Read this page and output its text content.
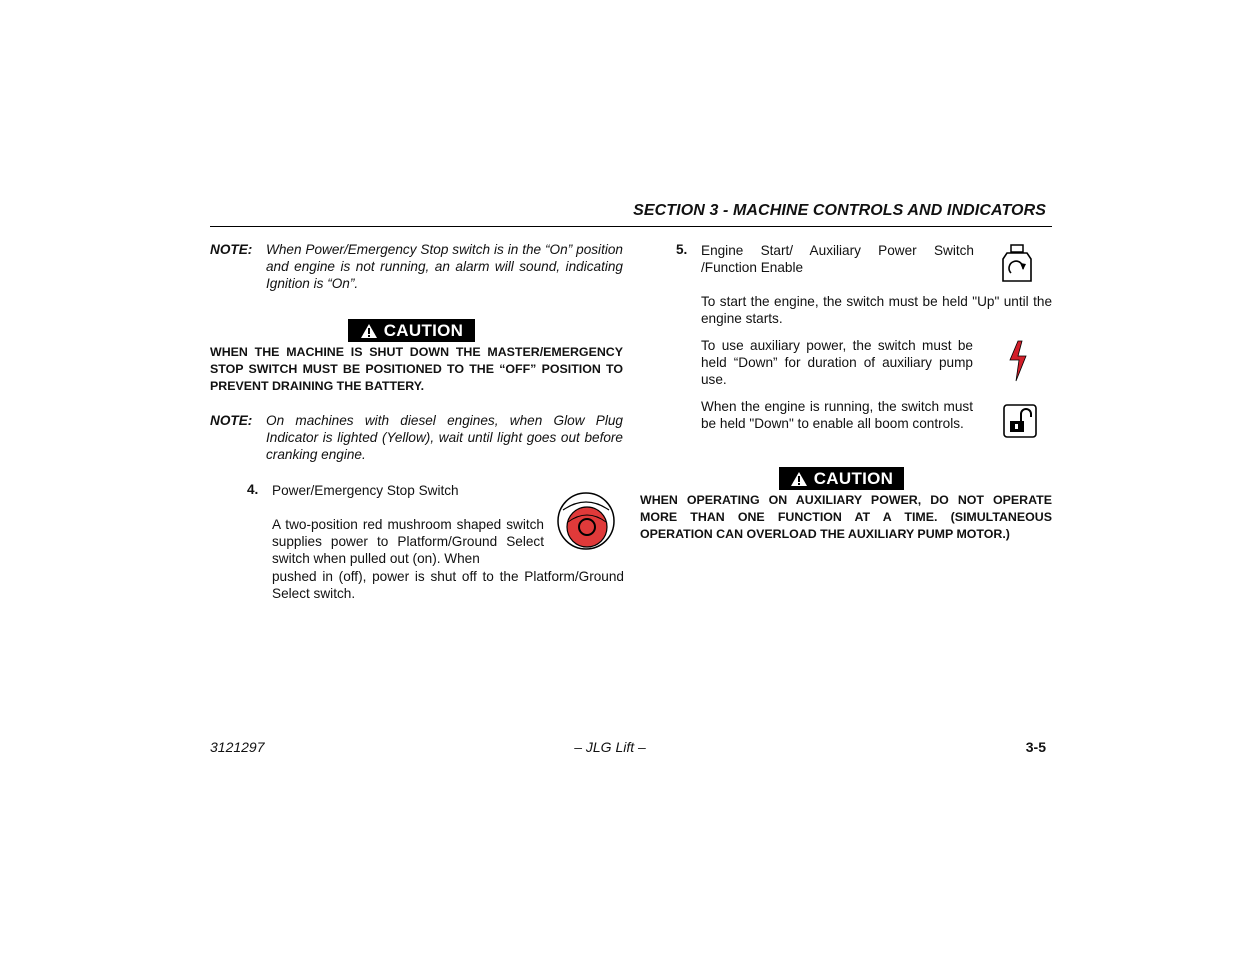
SECTION 3 - MACHINE CONTROLS AND INDICATORS
NOTE: When Power/Emergency Stop switch is in the “On” position and engine is not running, an alarm will sound, indicating Ignition is “On”.
CAUTION
WHEN THE MACHINE IS SHUT DOWN THE MASTER/EMERGENCY STOP SWITCH MUST BE POSITIONED TO THE “OFF” POSITION TO PREVENT DRAINING THE BATTERY.
NOTE: On machines with diesel engines, when Glow Plug Indicator is lighted (Yellow), wait until light goes out before cranking engine.
4. Power/Emergency Stop Switch
A two-position red mushroom shaped switch supplies power to Platform/Ground Select switch when pulled out (on). When
pushed in (off), power is shut off to the Platform/Ground Select switch.
5. Engine Start/ Auxiliary Power Switch /Function Enable
To start the engine, the switch must be held "Up" until the engine starts.
To use auxiliary power, the switch must be held “Down” for duration of auxiliary pump use.
When the engine is running, the switch must be held "Down" to enable all boom controls.
CAUTION
WHEN OPERATING ON AUXILIARY POWER, DO NOT OPERATE MORE THAN ONE FUNCTION AT A TIME. (SIMULTANEOUS OPERATION CAN OVERLOAD THE AUXILIARY PUMP MOTOR.)
3121297	– JLG Lift –	3-5
